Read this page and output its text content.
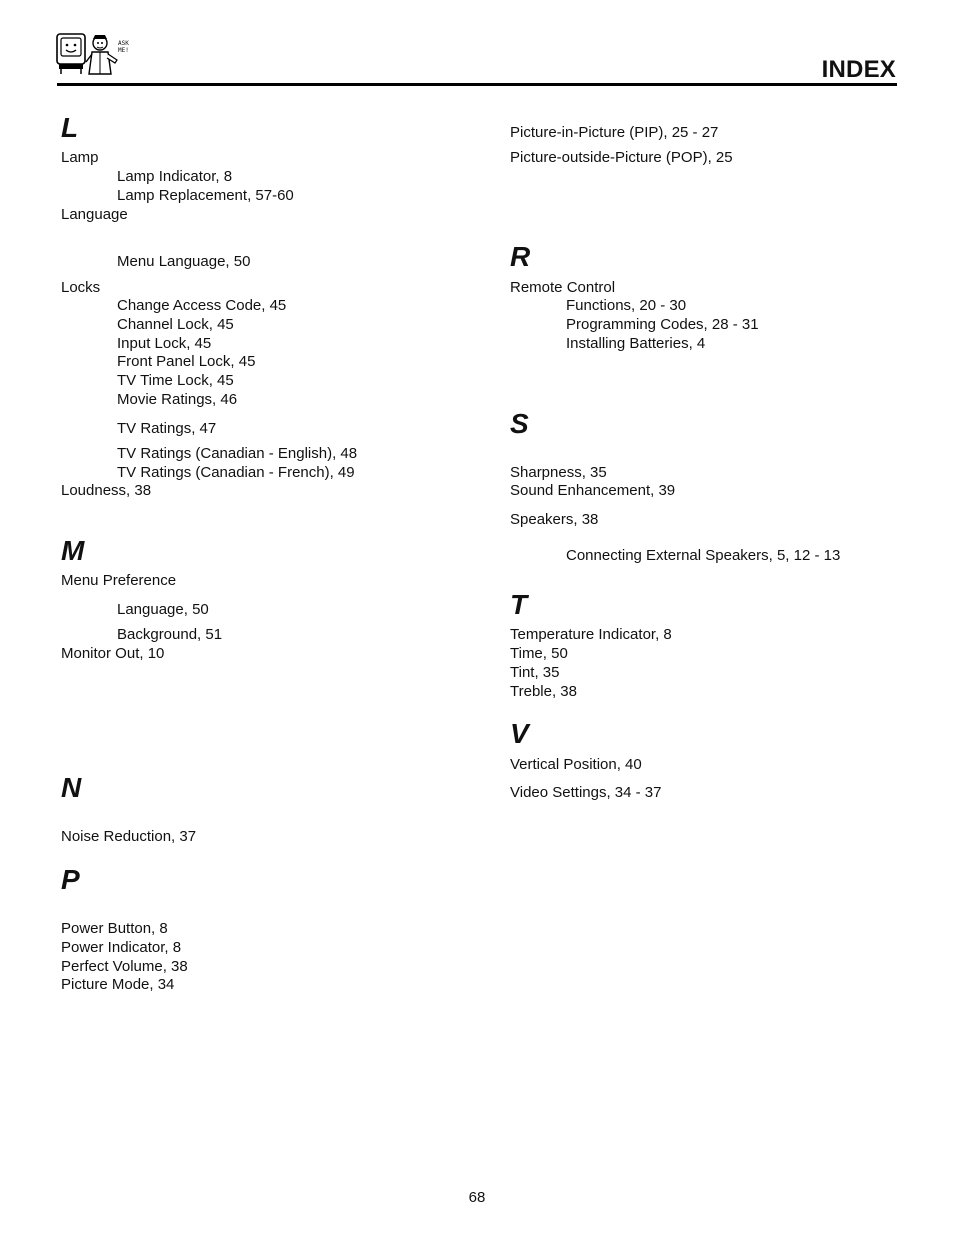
ASK ME!
INDEX
L
Lamp
Lamp Indicator, 8
Lamp Replacement, 57-60
Language
Menu Language, 50
Locks
Change Access Code, 45
Channel Lock, 45
Input Lock, 45
Front Panel Lock, 45
TV Time Lock, 45
Movie Ratings, 46
TV Ratings, 47
TV Ratings (Canadian - English), 48
TV Ratings (Canadian - French), 49
Loudness, 38
M
Menu Preference
Language, 50
Background, 51
Monitor Out, 10
N
Noise Reduction, 37
P
Power Button, 8
Power Indicator, 8
Perfect Volume, 38
Picture Mode, 34
Picture-in-Picture (PIP), 25 - 27
Picture-outside-Picture (POP), 25
R
Remote Control
Functions, 20 - 30
Programming Codes, 28 - 31
Installing Batteries, 4
S
Sharpness, 35
Sound Enhancement, 39
Speakers, 38
Connecting External Speakers, 5, 12 - 13
T
Temperature Indicator, 8
Time, 50
Tint, 35
Treble, 38
V
Vertical Position, 40
Video Settings, 34 - 37
68
